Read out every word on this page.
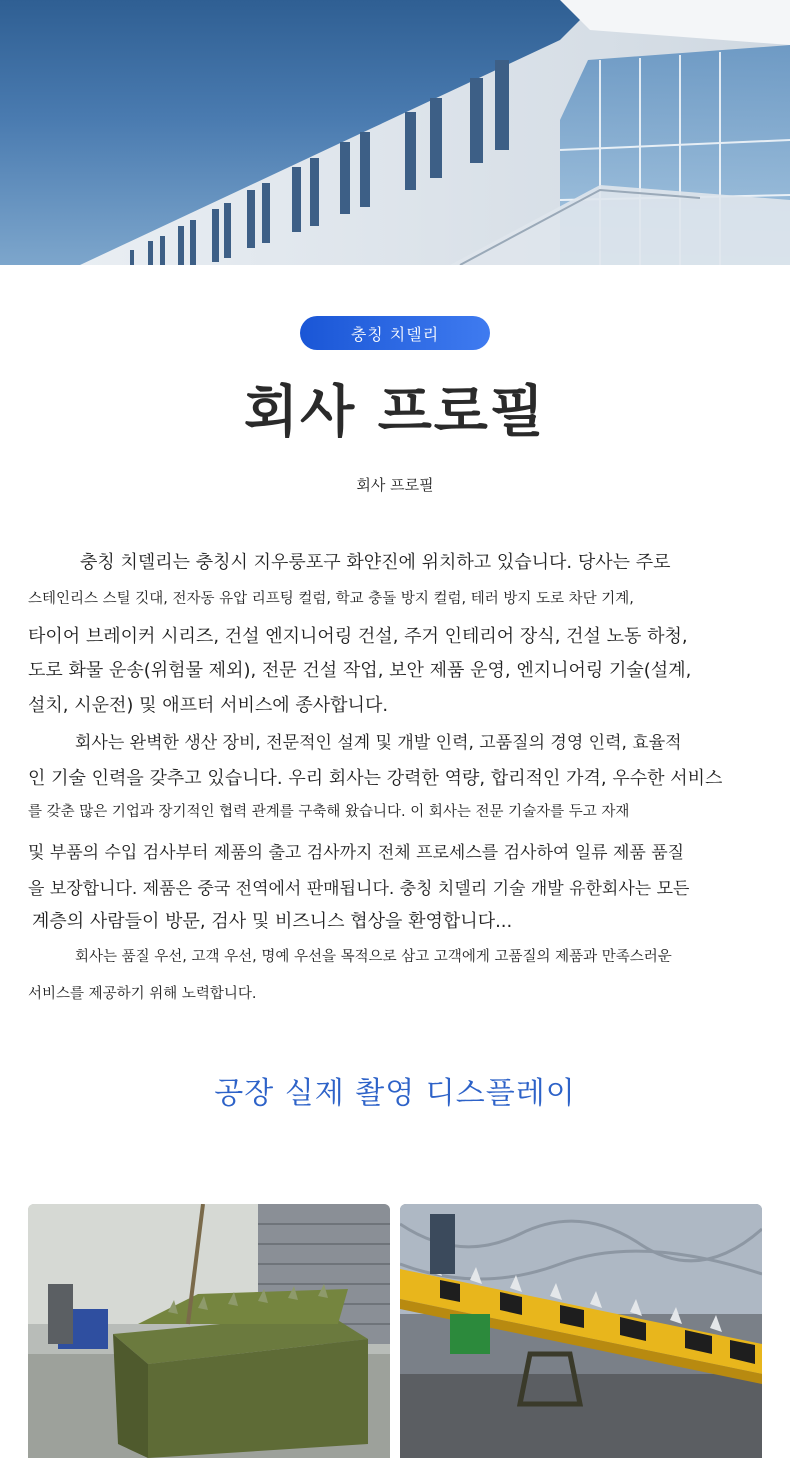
충칭 치델리
회사 프로필
회사 프로필
충칭 치델리는 충칭시 지우룽포구 화얀진에 위치하고 있습니다. 당사는 주로
스테인리스 스틸 깃대, 전자동 유압 리프팅 컬럼, 학교 충돌 방지 컬럼, 테러 방지 도로 차단 기계,
타이어 브레이커 시리즈, 건설 엔지니어링 건설, 주거 인테리어 장식, 건설 노동 하청,
도로 화물 운송(위험물 제외), 전문 건설 작업, 보안 제품 운영, 엔지니어링 기술(설계,
설치, 시운전) 및 애프터 서비스에 종사합니다.
회사는 완벽한 생산 장비, 전문적인 설계 및 개발 인력, 고품질의 경영 인력, 효율적
인 기술 인력을 갖추고 있습니다. 우리 회사는 강력한 역량, 합리적인 가격, 우수한 서비스
를 갖춘 많은 기업과 장기적인 협력 관계를 구축해 왔습니다. 이 회사는 전문 기술자를 두고 자재
및 부품의 수입 검사부터 제품의 출고 검사까지 전체 프로세스를 검사하여 일류 제품 품질
을 보장합니다. 제품은 중국 전역에서 판매됩니다. 충칭 치델리 기술 개발 유한회사는 모든
계층의 사람들이 방문, 검사 및 비즈니스 협상을 환영합니다...
회사는 품질 우선, 고객 우선, 명예 우선을 목적으로 삼고 고객에게 고품질의 제품과 만족스러운
서비스를 제공하기 위해 노력합니다.
공장 실제 촬영 디스플레이
